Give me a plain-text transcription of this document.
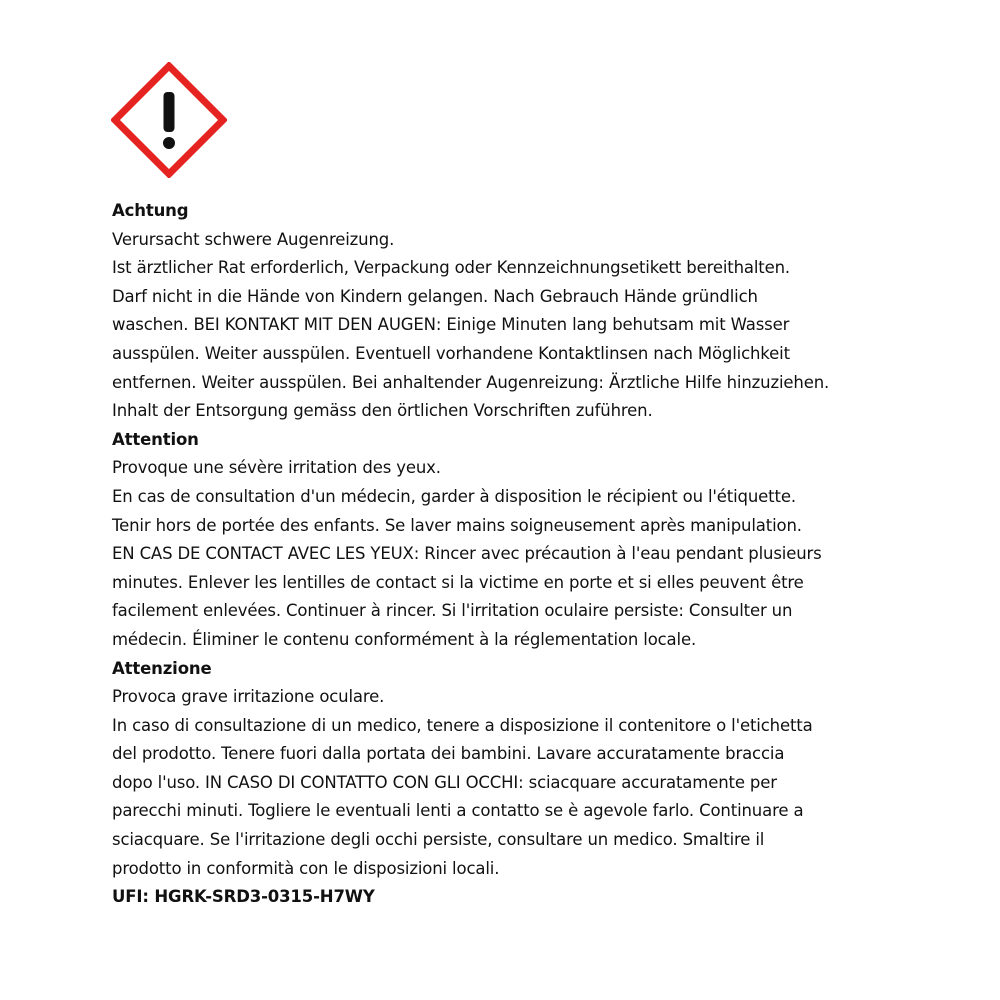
Achtung
Verursacht schwere Augenreizung.
Ist ärztlicher Rat erforderlich, Verpackung oder Kennzeichnungsetikett bereithalten.
Darf nicht in die Hände von Kindern gelangen. Nach Gebrauch Hände gründlich
waschen. BEI KONTAKT MIT DEN AUGEN: Einige Minuten lang behutsam mit Wasser
ausspülen. Weiter ausspülen. Eventuell vorhandene Kontaktlinsen nach Möglichkeit
entfernen. Weiter ausspülen. Bei anhaltender Augenreizung: Ärztliche Hilfe hinzuziehen.
Inhalt der Entsorgung gemäss den örtlichen Vorschriften zuführen.
Attention
Provoque une sévère irritation des yeux.
En cas de consultation d'un médecin, garder à disposition le récipient ou l'étiquette.
Tenir hors de portée des enfants. Se laver mains soigneusement après manipulation.
EN CAS DE CONTACT AVEC LES YEUX: Rincer avec précaution à l'eau pendant plusieurs
minutes. Enlever les lentilles de contact si la victime en porte et si elles peuvent être
facilement enlevées. Continuer à rincer. Si l'irritation oculaire persiste: Consulter un
médecin. Éliminer le contenu conformément à la réglementation locale.
Attenzione
Provoca grave irritazione oculare.
In caso di consultazione di un medico, tenere a disposizione il contenitore o l'etichetta
del prodotto. Tenere fuori dalla portata dei bambini. Lavare accuratamente braccia
dopo l'uso. IN CASO DI CONTATTO CON GLI OCCHI: sciacquare accuratamente per
parecchi minuti. Togliere le eventuali lenti a contatto se è agevole farlo. Continuare a
sciacquare. Se l'irritazione degli occhi persiste, consultare un medico. Smaltire il
prodotto in conformità con le disposizioni locali.
UFI: HGRK-SRD3-0315-H7WY
